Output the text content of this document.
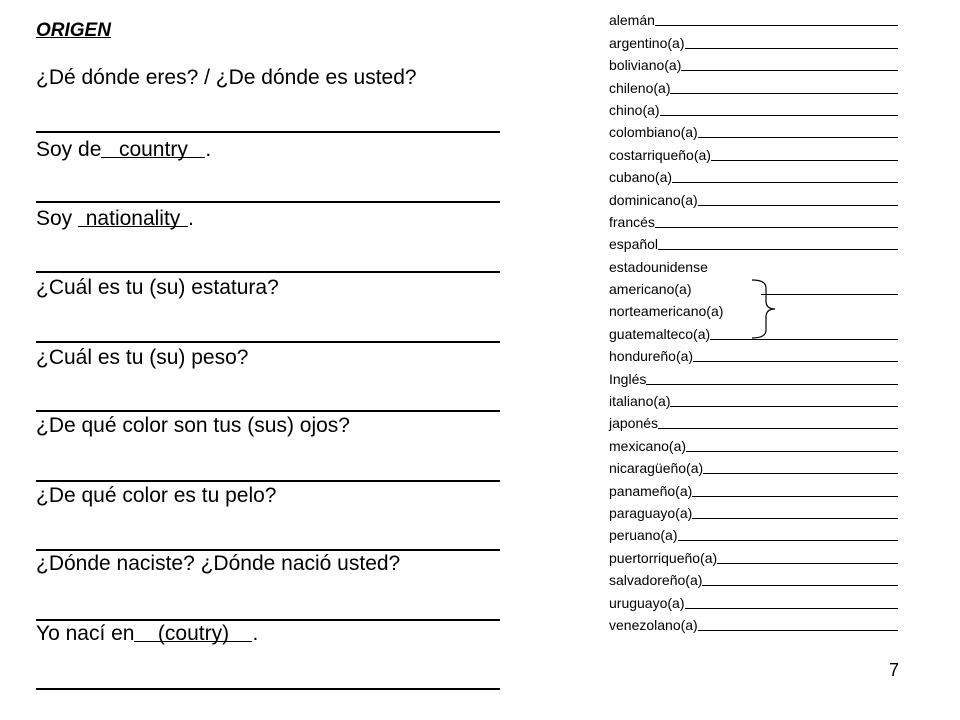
ORIGEN
¿Dé dónde eres? / ¿De dónde es usted?
Soy de country .
Soy nationality .
¿Cuál es tu (su) estatura?
¿Cuál es tu (su) peso?
¿De qué color son tus (sus) ojos?
¿De qué color es tu pelo?
¿Dónde naciste? ¿Dónde nació usted?
Yo nací en (coutry) .
alemán
argentino(a)
boliviano(a)
chileno(a)
chino(a)
colombiano(a)
costarriqueño(a)
cubano(a)
dominicano(a)
francés
español
estadounidense
americano(a)
norteamericano(a)
guatemalteco(a)
hondureño(a)
Inglés
italiano(a)
japonés
mexicano(a)
nicaragüeño(a)
panameño(a)
paraguayo(a)
peruano(a)
puertorriqueño(a)
salvadoreño(a)
uruguayo(a)
venezolano(a)
7
